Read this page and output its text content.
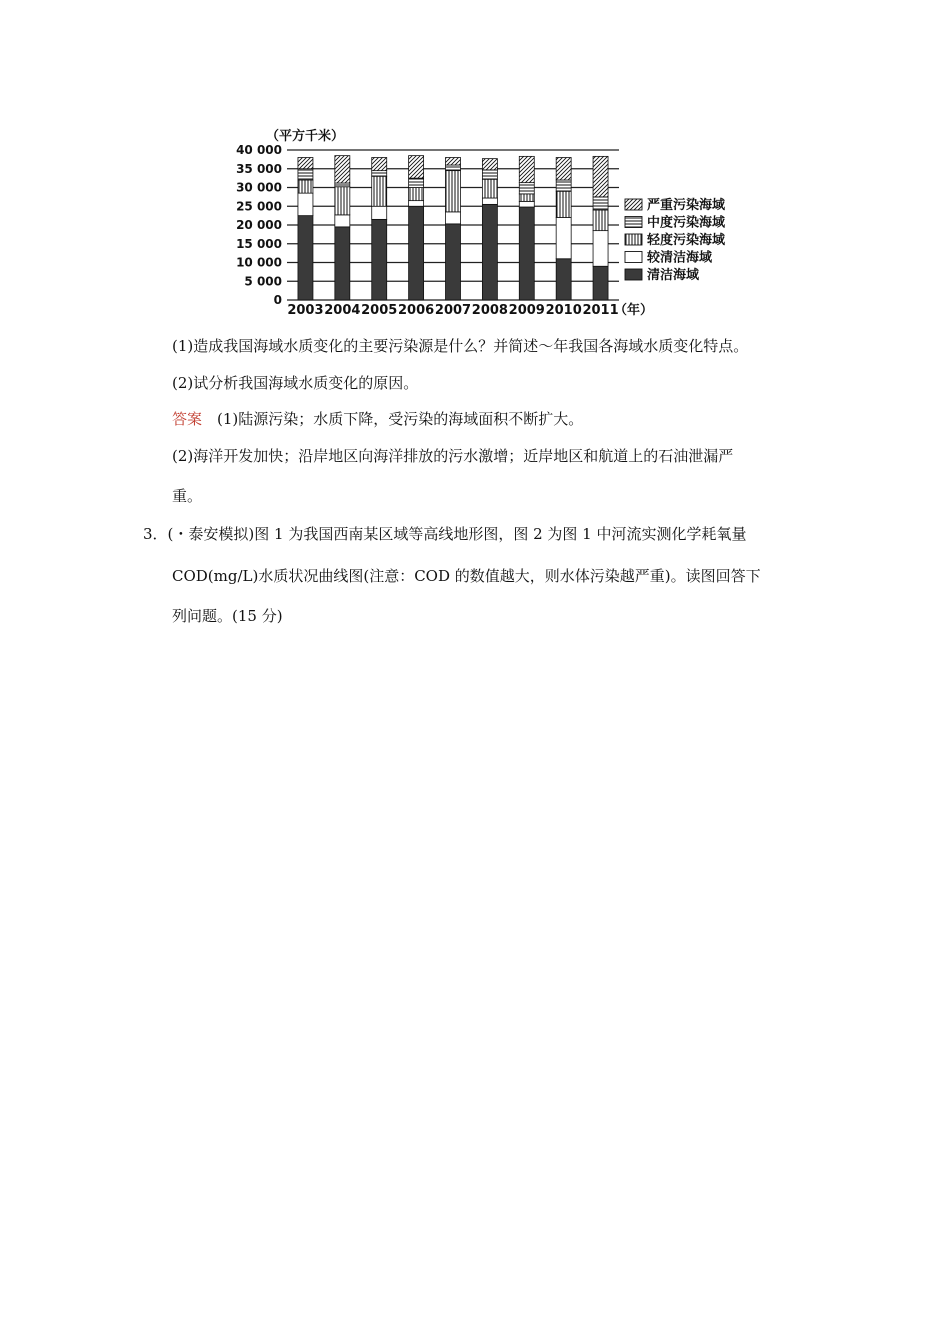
（平方千米）
0
5 000
10 000
15 000
20 000
25 000
30 000
35 000
40 000
2003 2004 2005 2006 2007 2008 2009 2010 2011
（年）
严重污染海域
中度污染海域
轻度污染海域
较清洁海域
清洁海域
(1)造成我国海域水质变化的主要污染源是什么？并简述～年我国各海域水质变化特点。
(2)试分析我国海域水质变化的原因。
答案　(1)陆源污染；水质下降，受污染的海域面积不断扩大。
(2)海洋开发加快；沿岸地区向海洋排放的污水激增；近岸地区和航道上的石油泄漏严
重。
3．(・泰安模拟)图 1 为我国西南某区域等高线地形图，图 2 为图 1 中河流实测化学耗氧量
COD(mg/L)水质状况曲线图(注意：COD 的数值越大，则水体污染越严重)。读图回答下
列问题。(15 分)
